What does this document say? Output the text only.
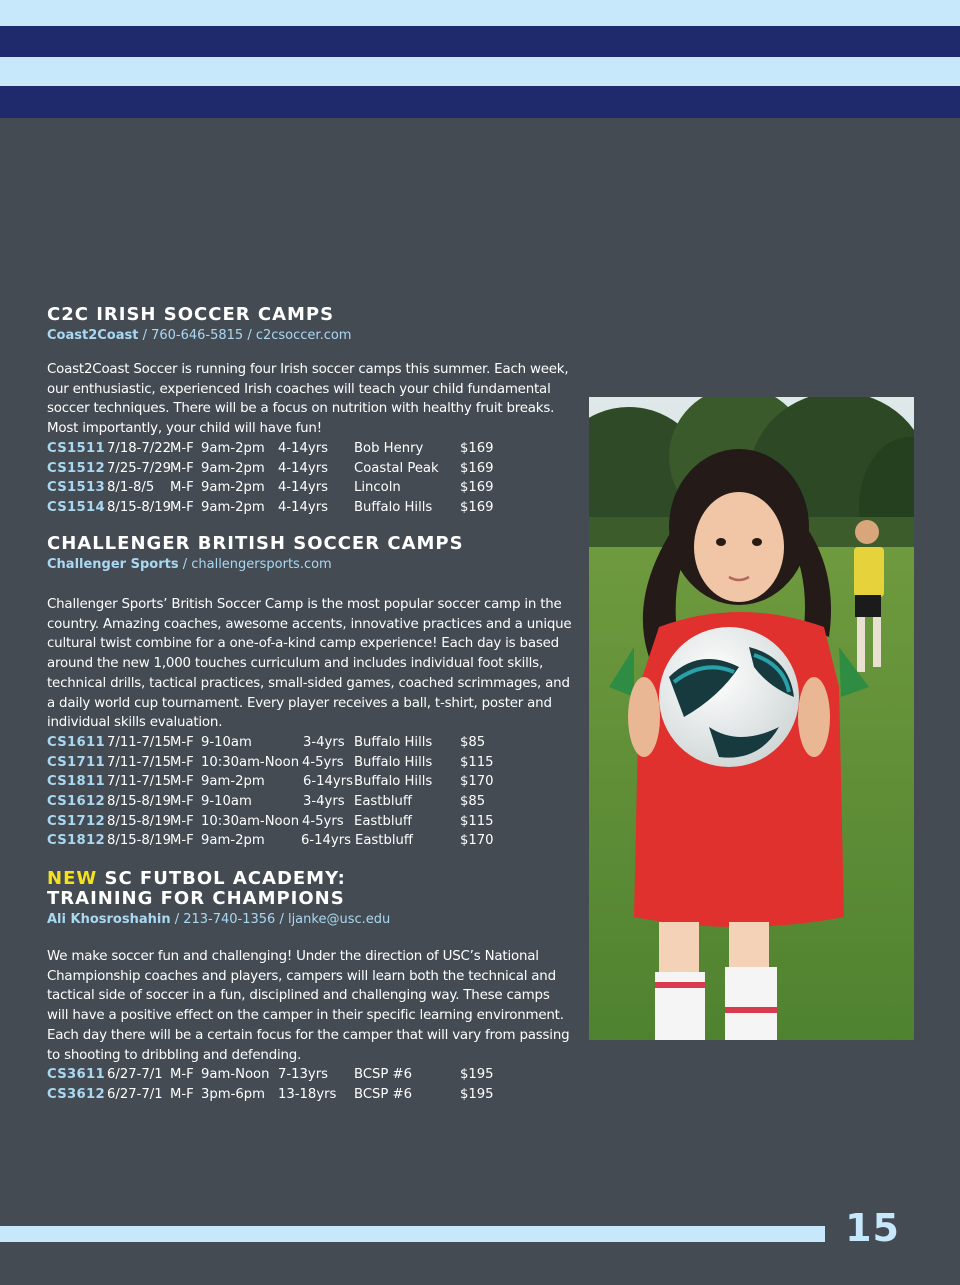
C2C IRISH SOCCER CAMPS
Coast2Coast / 760-646-5815 / c2csoccer.com

Coast2Coast Soccer is running four Irish soccer camps this summer. Each week, our enthusiastic, experienced Irish coaches will teach your child fundamental soccer techniques. There will be a focus on nutrition with healthy fruit breaks. Most importantly, your child will have fun!

CS1511 7/18-7/22 M-F 9am-2pm 4-14yrs Bob Henry	$169
CS1512 7/25-7/29 M-F 9am-2pm 4-14yrs Coastal Peak $169
CS1513 8/1-8/5 M-F 9am-2pm 4-14yrs Lincoln	$169
CS1514 8/15-8/19 M-F 9am-2pm 4-14yrs Buffalo Hills $169
CHALLENGER BRITISH SOCCER CAMPS
Challenger Sports / challengersports.com

Challenger Sports’ British Soccer Camp is the most popular soccer camp in the country. Amazing coaches, awesome accents, innovative practices and a unique cultural twist combine for a one-of-a-kind camp experience! Each day is based around the new 1,000 touches curriculum and includes individual foot skills, technical drills, tactical practices, small-sided games, coached scrimmages, and a daily world cup tournament. Every player receives a ball, t-shirt, poster and individual skills evaluation.

CS1611 7/11-7/15 M-F 9-10am	3-4yrs Buffalo Hills $85
CS1711 7/11-7/15 M-F 10:30am-Noon 4-5yrs Buffalo Hills $115
CS1811 7/11-7/15 M-F 9am-2pm	6-14yrs Buffalo Hills $170
CS1612 8/15-8/19 M-F 9-10am	3-4yrs Eastbluff	$85
CS1712 8/15-8/19 M-F 10:30am-Noon 4-5yrs Eastbluff	$115
CS1812 8/15-8/19 M-F 9am-2pm	6-14yrs Eastbluff	$170
NEW SC FUTBOL ACADEMY:
TRAINING FOR CHAMPIONS
Ali Khosroshahin / 213-740-1356 / ljanke@usc.edu

We make soccer fun and challenging! Under the direction of USC’s National Championship coaches and players, campers will learn both the technical and tactical side of soccer in a fun, disciplined and challenging way. These camps will have a positive effect on the camper in their specific learning environment. Each day there will be a certain focus for the camper that will vary from passing to shooting to dribbling and defending.

CS3611 6/27-7/1 M-F 9am-Noon 7-13yrs BCSP #6	$195
CS3612 6/27-7/1 M-F 3pm-6pm 13-18yrs BCSP #6	$195
15
